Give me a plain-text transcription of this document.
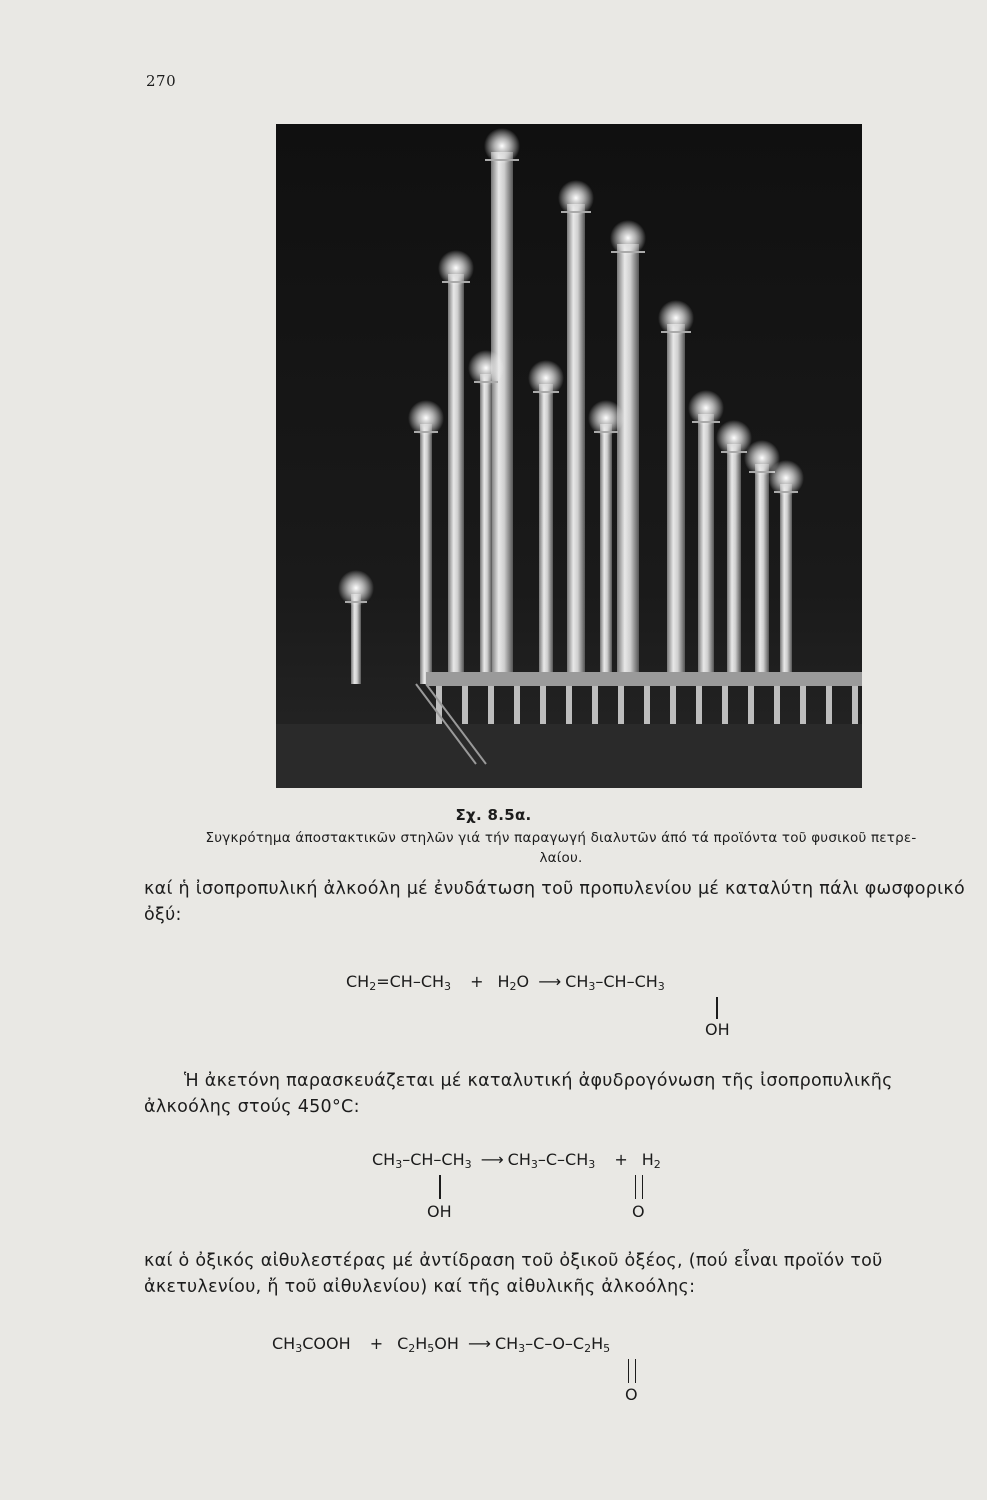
270
Σχ. 8.5α.
Συγκρότημα άποστακτικῶν στηλῶν γιά τήν παραγωγή διαλυτῶν άπό τά προϊόντα τοῦ φυσικοῦ πετρε-
λαίου.
καί ἡ ἰσοπροπυλική ἀλκοόλη μέ ἐνυδάτωση τοῦ προπυλενίου μέ καταλύτη πάλι φωσφορικό ὀξύ:
$CH_2=CH-CH_3 + H_2O$ ⟶ $CH_3-CH-CH_3$
OH
Ἡ ἀκετόνη παρασκευάζεται μέ καταλυτική ἀφυδρογόνωση τῆς ἰσοπροπυλικῆς ἀλκοόλης στούς 450°C:
$CH_3-CH-CH_3$ ⟶ $CH_3-C-CH_3 + H_2$
OH	O
καί ὁ ὀξικός αἰθυλεστέρας μέ ἀντίδραση τοῦ ὀξικοῦ ὀξέος, (πού εἶναι προϊόν τοῦ ἀκετυλενίου, ἤ τοῦ αἰθυλενίου) καί τῆς αἰθυλικῆς ἀλκοόλης:
$CH_3COOH + C_2H_5OH$ ⟶ $CH_3-C-O-C_2H_5$
O
